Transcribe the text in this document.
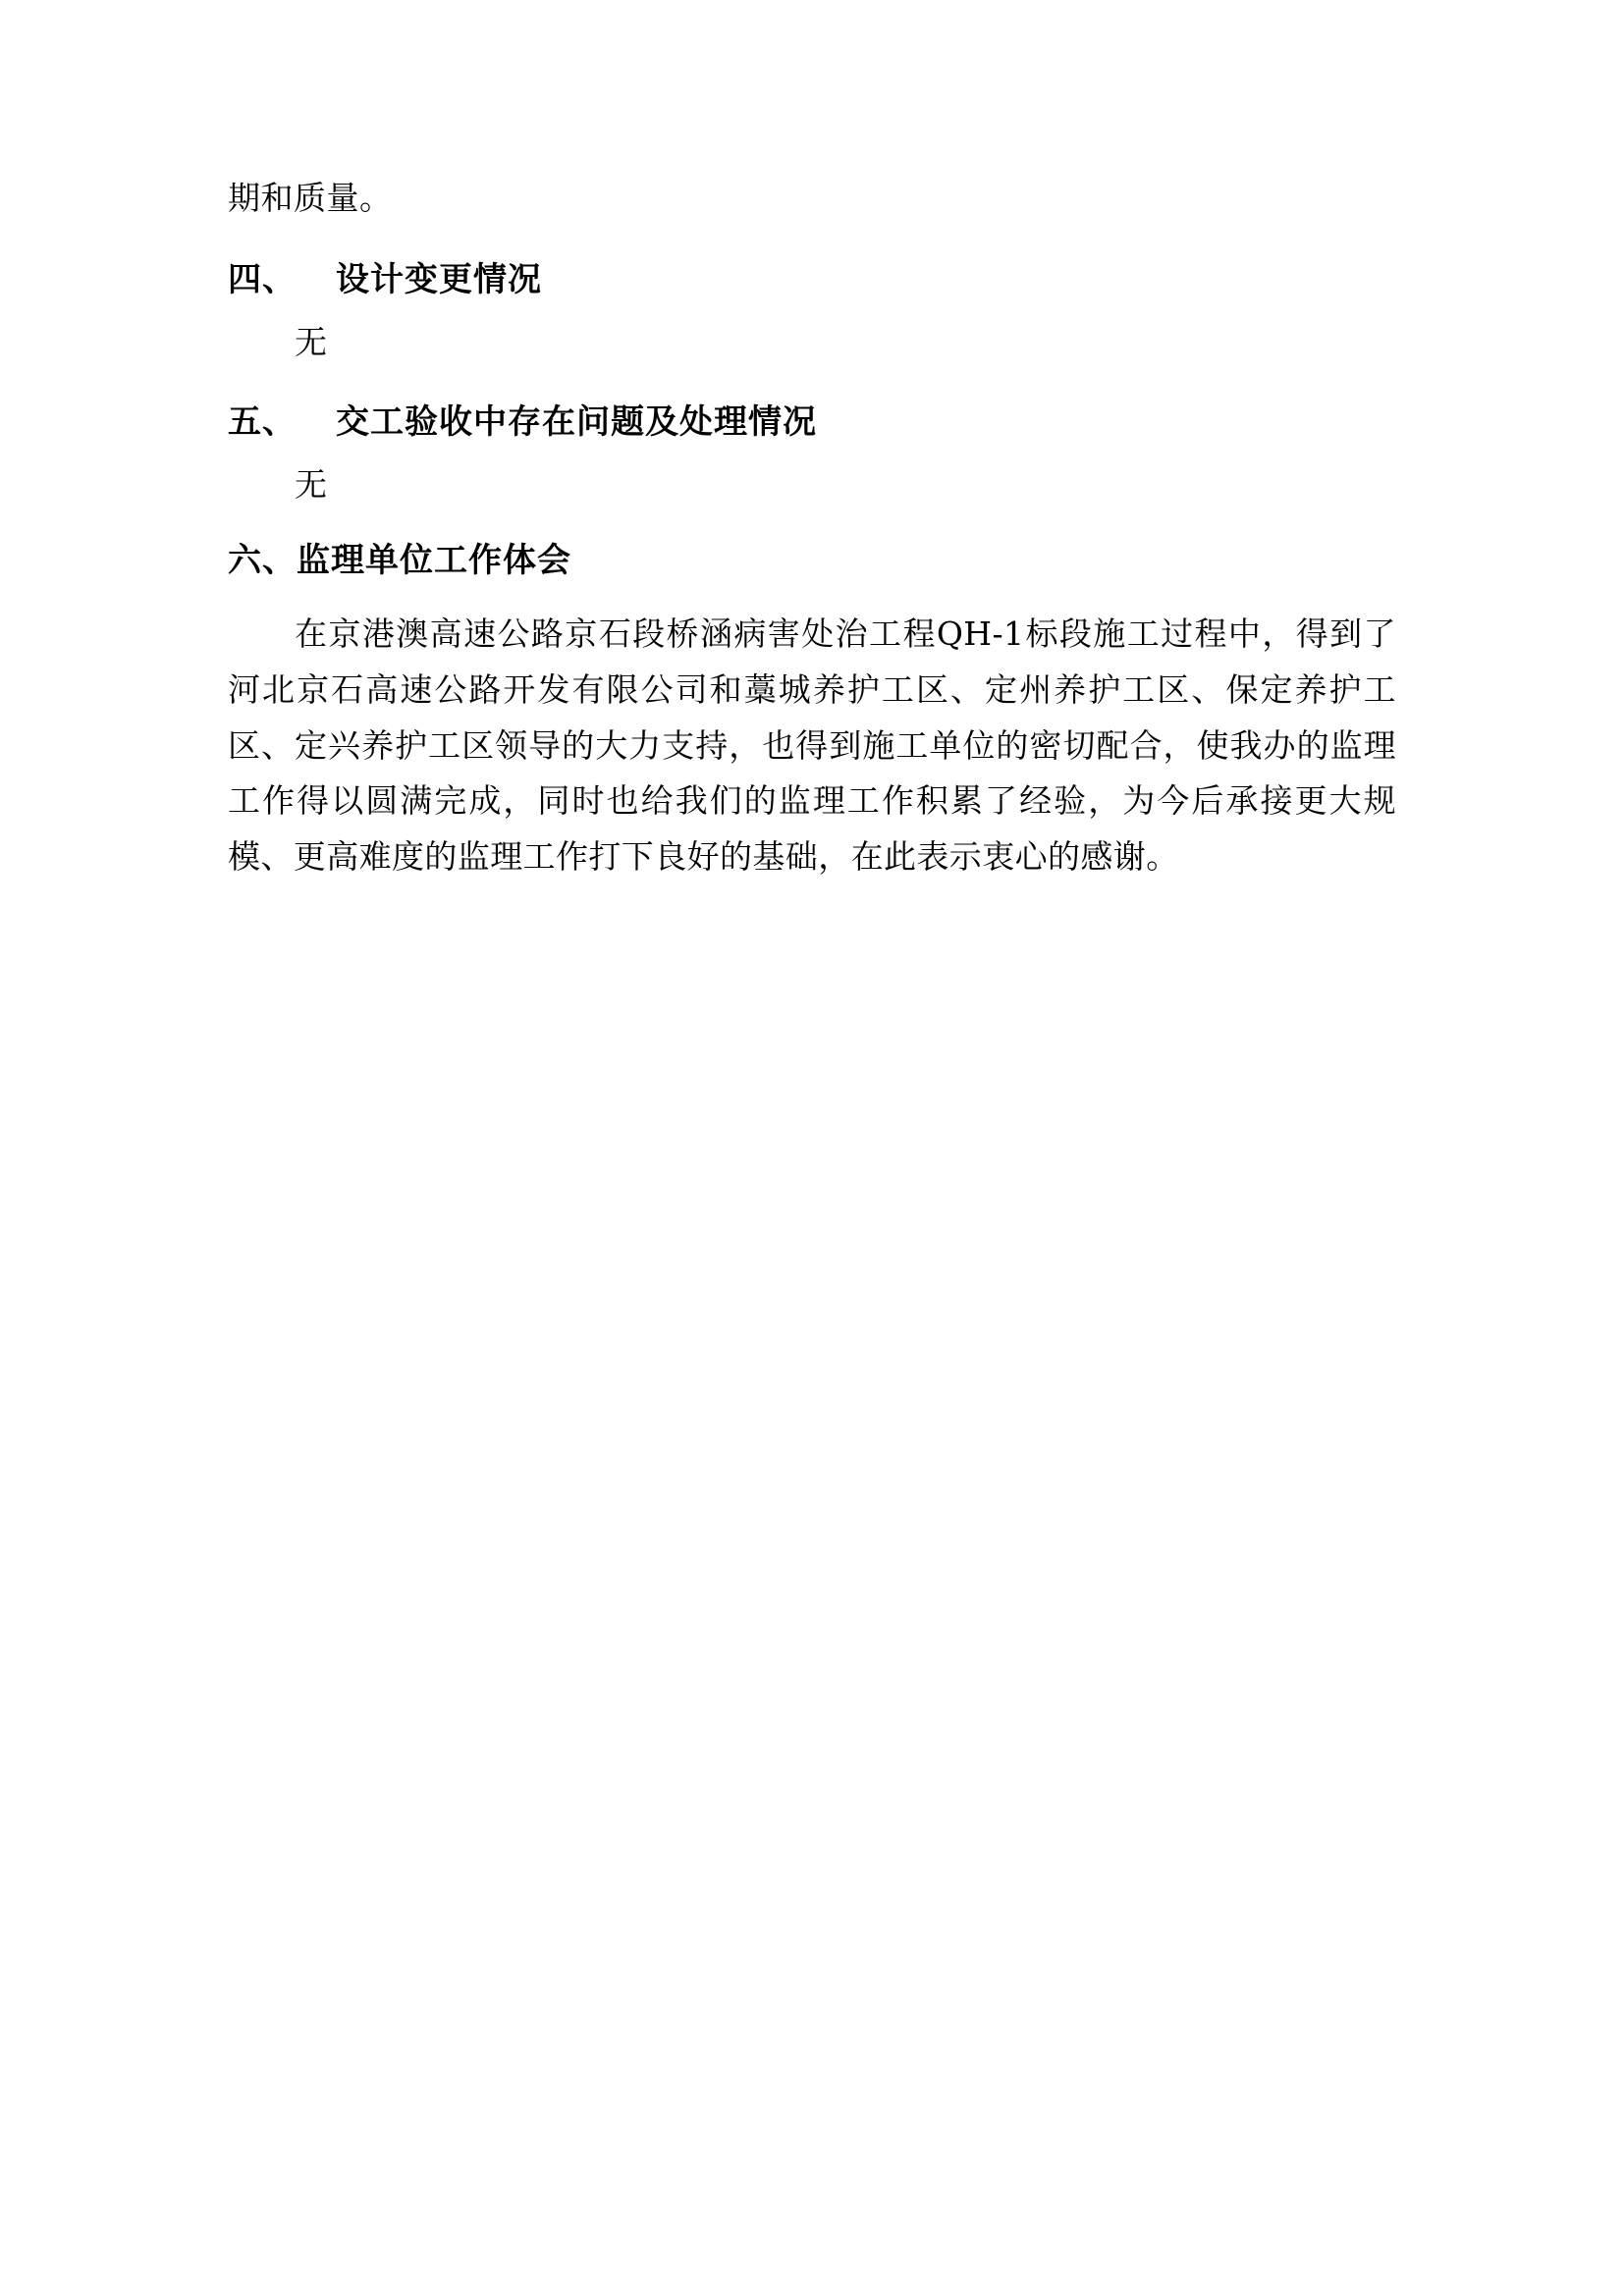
期和质量。

四、 设计变更情况

无

五、 交工验收中存在问题及处理情况

无

六、监理单位工作体会

在京港澳高速公路京石段桥涵病害处治工程QH-1标段施工过程中，得到了河北京石高速公路开发有限公司和藁城养护工区、定州养护工区、保定养护工区、定兴养护工区领导的大力支持，也得到施工单位的密切配合，使我办的监理工作得以圆满完成，同时也给我们的监理工作积累了经验，为今后承接更大规模、更高难度的监理工作打下良好的基础，在此表示衷心的感谢。
